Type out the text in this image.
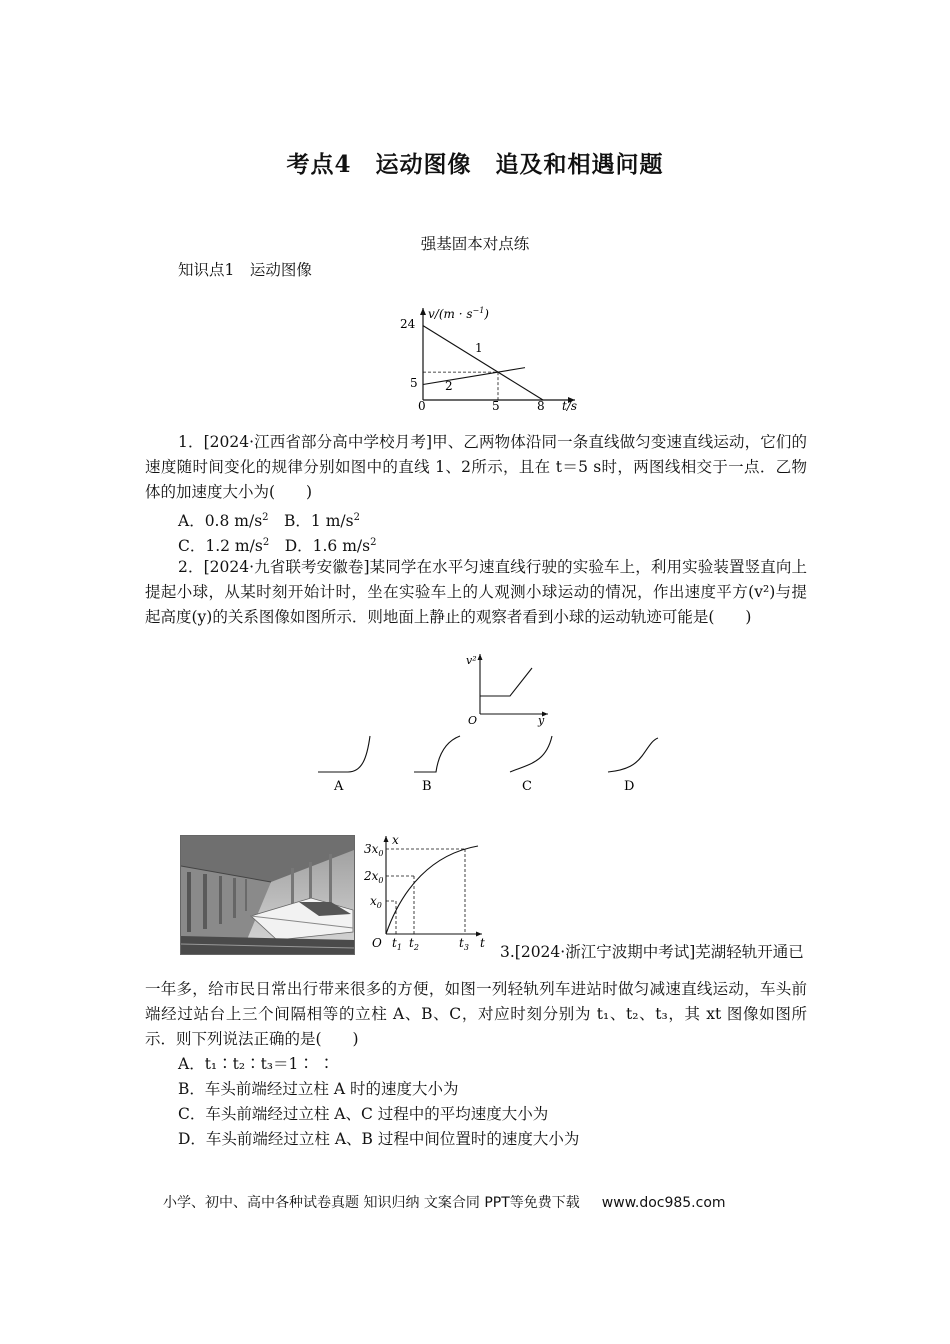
考点4　运动图像　追及和相遇问题
强基固本对点练
知识点1　运动图像
$v/(m \cdot s^{-1})$
t/s
0
24
5
5	8
1
2
1．[2024·江西省部分高中学校月考]甲、乙两物体沿同一条直线做匀变速直线运动，它们的速度随时间变化的规律分别如图中的直线 1、2所示，且在 t＝5 s时，两图线相交于一点．乙物体的加速度大小为(　　)
A．0.8 $m/s^2$　 B．1 $m/s^2$
C．1.2 $m/s^2$　 D．1.6 $m/s^2$
2．[2024·九省联考安徽卷]某同学在水平匀速直线行驶的实验车上，利用实验装置竖直向上提起小球，从某时刻开始计时，坐在实验车上的人观测小球运动的情况，作出速度平方(v²)与提起高度(y)的关系图像如图所示．则地面上静止的观察者看到小球的运动轨迹可能是(　　)
v²
y
O
A	B	C	D
x
$3x_0$
$2x_0$
$x_0$
O $t_1$ $t_2$	$t_3$ t 3.[2024·浙江宁波期中考试]芜湖轻轨开通已
一年多，给市民日常出行带来很多的方便，如图一列轻轨列车进站时做匀减速直线运动，车头前端经过站台上三个间隔相等的立柱 A、B、C，对应时刻分别为 t₁、t₂、t₃，其 xt 图像如图所示．则下列说法正确的是(　　)
A．t₁∶t₂∶t₃＝1∶ ∶
B．车头前端经过立柱 A 时的速度大小为
C．车头前端经过立柱 A、C 过程中的平均速度大小为
D．车头前端经过立柱 A、B 过程中间位置时的速度大小为
小学、初中、高中各种试卷真题 知识归纳 文案合同 PPT等免费下载 www.doc985.com
